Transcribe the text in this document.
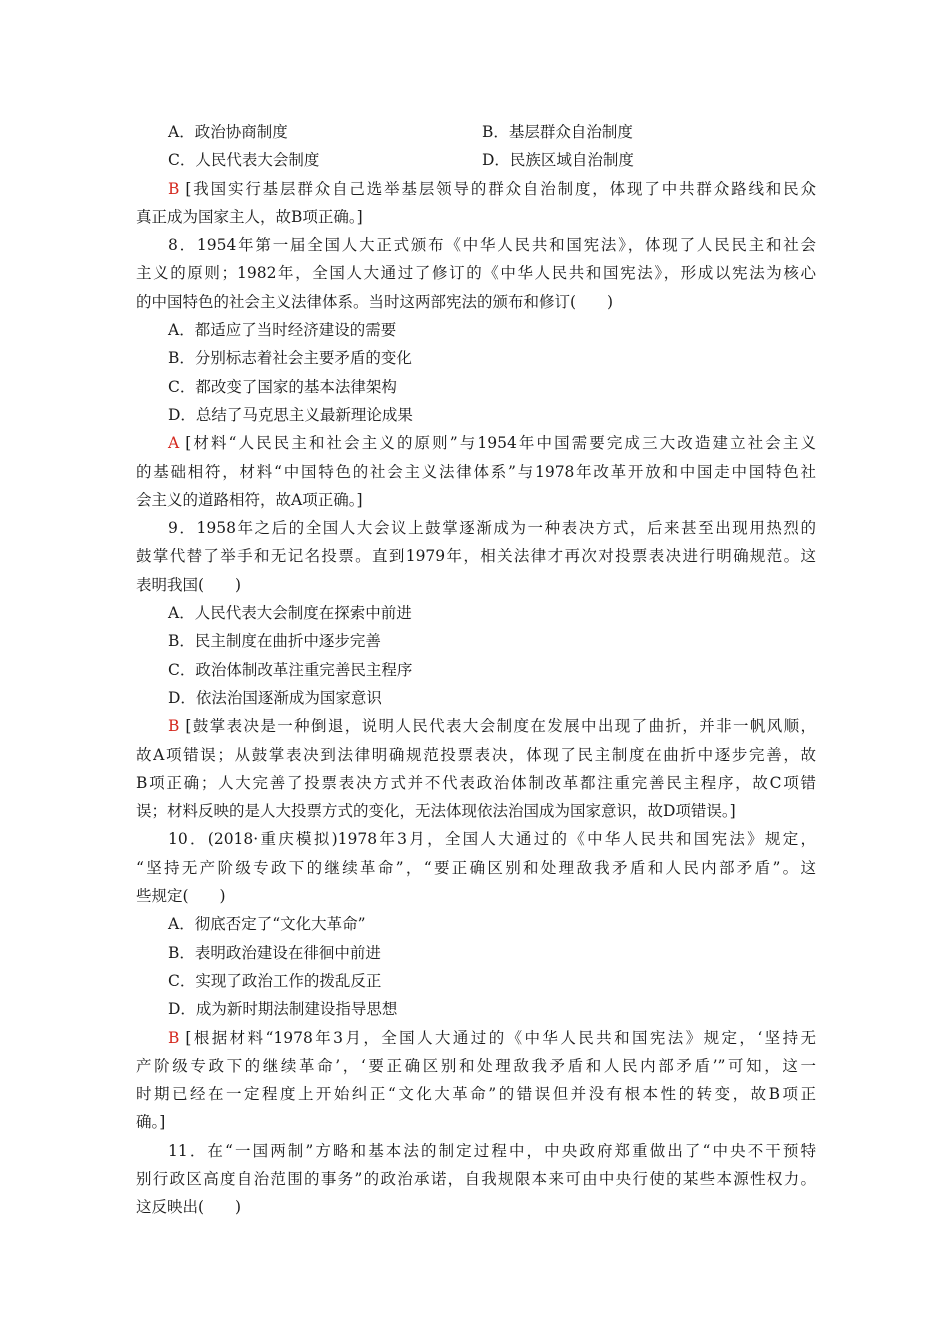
A．政治协商制度	B．基层群众自治制度
C．人民代表大会制度	D．民族区域自治制度
B [我国实行基层群众自己选举基层领导的群众自治制度，体现了中共群众路线和民众
真正成为国家主人，故B项正确。]
8．1954年第一届全国人大正式颁布《中华人民共和国宪法》，体现了人民民主和社会
主义的原则；1982年，全国人大通过了修订的《中华人民共和国宪法》，形成以宪法为核心
的中国特色的社会主义法律体系。当时这两部宪法的颁布和修订(　　)
A．都适应了当时经济建设的需要
B．分别标志着社会主要矛盾的变化
C．都改变了国家的基本法律架构
D．总结了马克思主义最新理论成果
A [材料“人民民主和社会主义的原则”与1954年中国需要完成三大改造建立社会主义
的基础相符，材料“中国特色的社会主义法律体系”与1978年改革开放和中国走中国特色社
会主义的道路相符，故A项正确。]
9．1958年之后的全国人大会议上鼓掌逐渐成为一种表决方式，后来甚至出现用热烈的
鼓掌代替了举手和无记名投票。直到1979年，相关法律才再次对投票表决进行明确规范。这
表明我国(　　)
A．人民代表大会制度在探索中前进
B．民主制度在曲折中逐步完善
C．政治体制改革注重完善民主程序
D．依法治国逐渐成为国家意识
B [鼓掌表决是一种倒退，说明人民代表大会制度在发展中出现了曲折，并非一帆风顺，
故A项错误；从鼓掌表决到法律明确规范投票表决，体现了民主制度在曲折中逐步完善，故
B项正确；人大完善了投票表决方式并不代表政治体制改革都注重完善民主程序，故C项错
误；材料反映的是人大投票方式的变化，无法体现依法治国成为国家意识，故D项错误。]
10．(2018·重庆模拟)1978年3月，全国人大通过的《中华人民共和国宪法》规定，
“坚持无产阶级专政下的继续革命”，“要正确区别和处理敌我矛盾和人民内部矛盾”。这
些规定(　　)
A．彻底否定了“文化大革命”
B．表明政治建设在徘徊中前进
C．实现了政治工作的拨乱反正
D．成为新时期法制建设指导思想
B [根据材料“1978年3月，全国人大通过的《中华人民共和国宪法》规定，‘坚持无
产阶级专政下的继续革命’，‘要正确区别和处理敌我矛盾和人民内部矛盾’”可知，这一
时期已经在一定程度上开始纠正“文化大革命”的错误但并没有根本性的转变，故B项正
确。]
11．在“一国两制”方略和基本法的制定过程中，中央政府郑重做出了“中央不干预特
别行政区高度自治范围的事务”的政治承诺，自我规限本来可由中央行使的某些本源性权力。
这反映出(　　)
